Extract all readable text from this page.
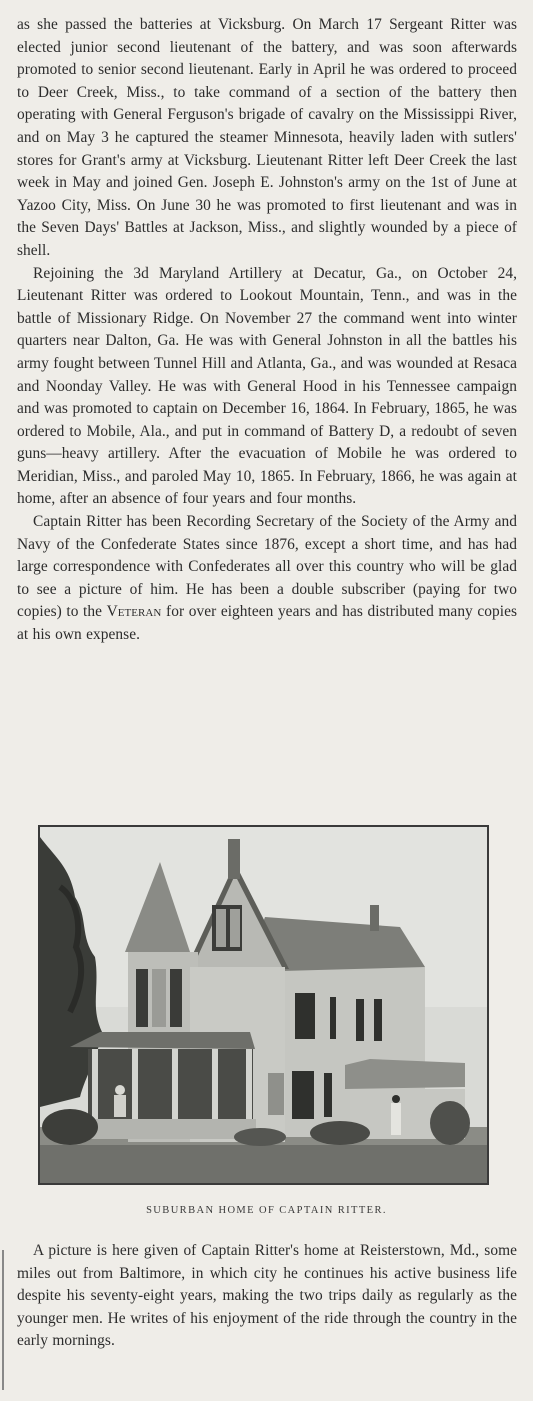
as she passed the batteries at Vicksburg. On March 17 Sergeant Ritter was elected junior second lieutenant of the battery, and was soon afterwards promoted to senior second lieutenant. Early in April he was ordered to proceed to Deer Creek, Miss., to take command of a section of the battery then operating with General Ferguson's brigade of cavalry on the Mississippi River, and on May 3 he captured the steamer Minnesota, heavily laden with sutlers' stores for Grant's army at Vicksburg. Lieutenant Ritter left Deer Creek the last week in May and joined Gen. Joseph E. Johnston's army on the 1st of June at Yazoo City, Miss. On June 30 he was promoted to first lieutenant and was in the Seven Days' Battles at Jackson, Miss., and slightly wounded by a piece of shell.

Rejoining the 3d Maryland Artillery at Decatur, Ga., on October 24, Lieutenant Ritter was ordered to Lookout Mountain, Tenn., and was in the battle of Missionary Ridge. On November 27 the command went into winter quarters near Dalton, Ga. He was with General Johnston in all the battles his army fought between Tunnel Hill and Atlanta, Ga., and was wounded at Resaca and Noonday Valley. He was with General Hood in his Tennessee campaign and was promoted to captain on December 16, 1864. In February, 1865, he was ordered to Mobile, Ala., and put in command of Battery D, a redoubt of seven guns—heavy artillery. After the evacuation of Mobile he was ordered to Meridian, Miss., and paroled May 10, 1865. In February, 1866, he was again at home, after an absence of four years and four months.

Captain Ritter has been Recording Secretary of the Society of the Army and Navy of the Confederate States since 1876, except a short time, and has had large correspondence with Confederates all over this country who will be glad to see a picture of him. He has been a double subscriber (paying for two copies) to the Veteran for over eighteen years and has distributed many copies at his own expense.

SUBURBAN HOME OF CAPTAIN RITTER.

A picture is here given of Captain Ritter's home at Reisterstown, Md., some miles out from Baltimore, in which city he continues his active business life despite his seventy-eight years, making the two trips daily as regularly as the younger men. He writes of his enjoyment of the ride through the country in the early mornings.
